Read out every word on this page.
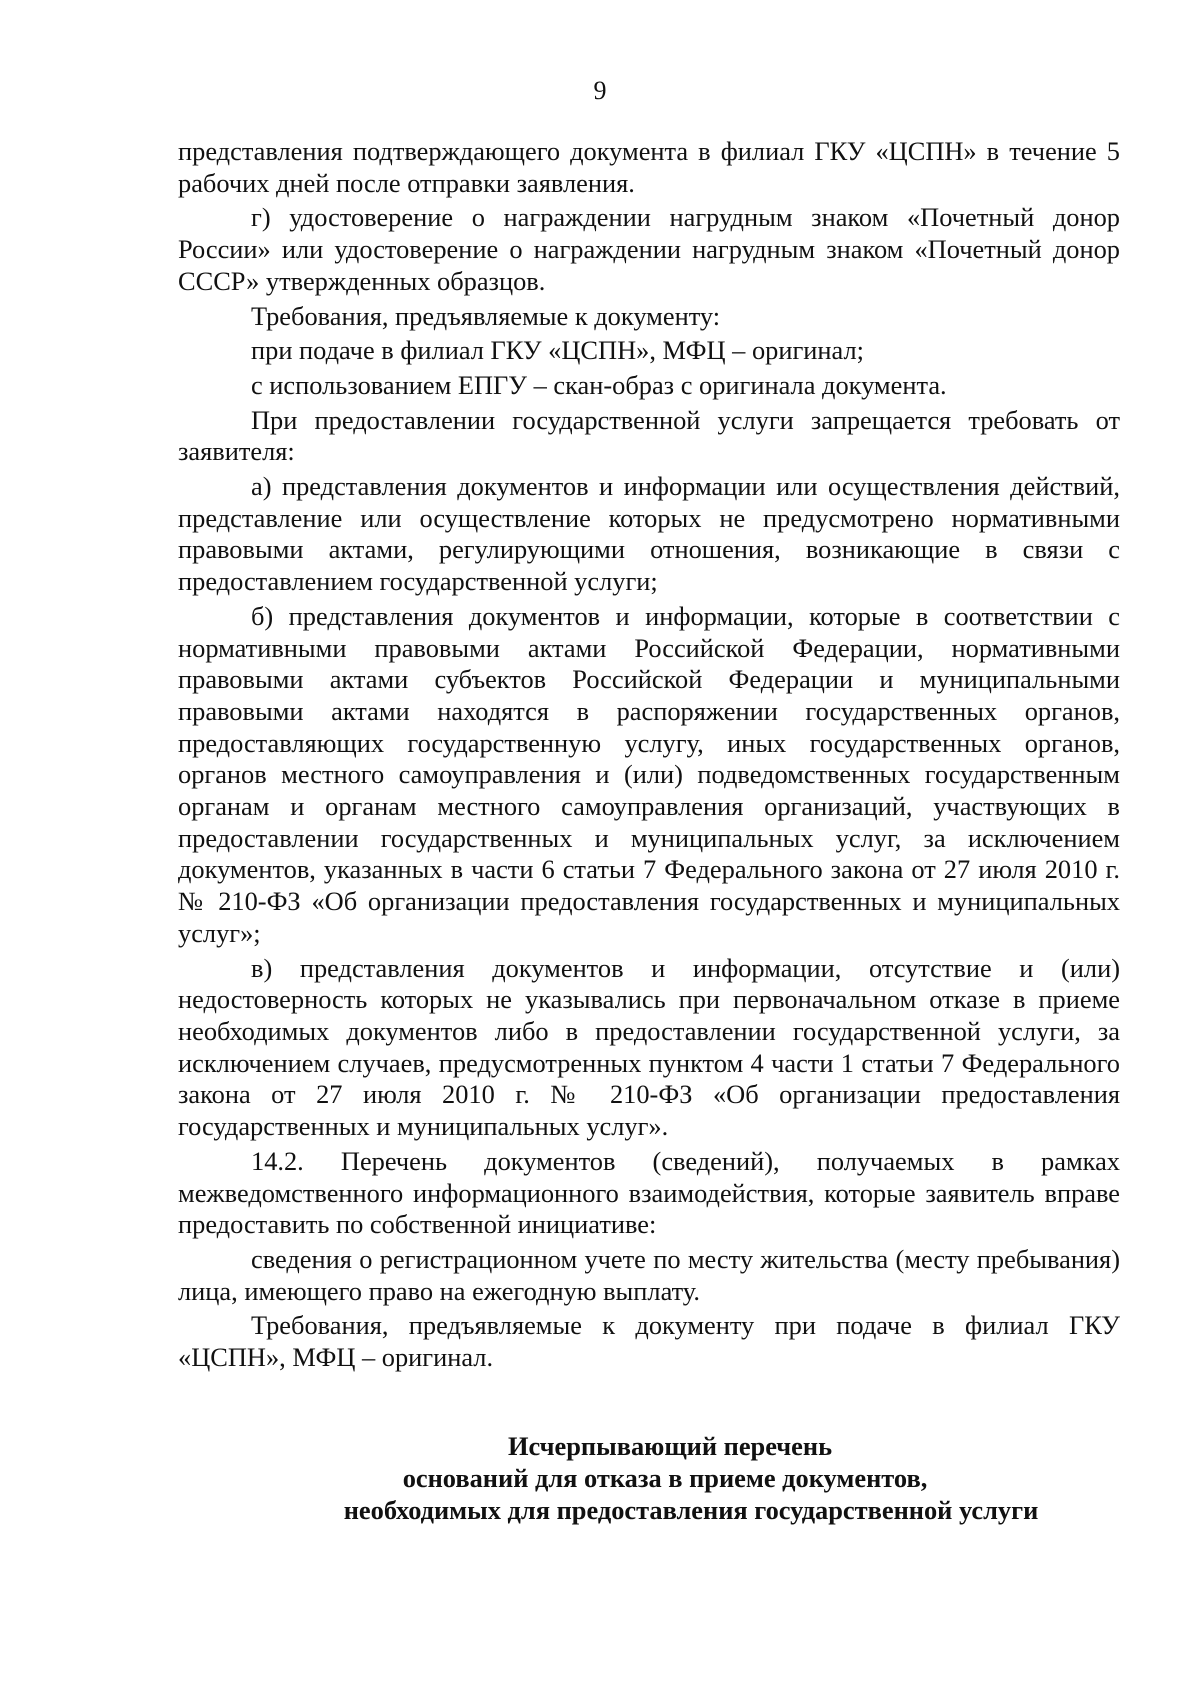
9

представления подтверждающего документа в филиал ГКУ «ЦСПН» в течение 5 рабочих дней после отправки заявления.

г) удостоверение о награждении нагрудным знаком «Почетный донор России» или удостоверение о награждении нагрудным знаком «Почетный донор СССР» утвержденных образцов.

Требования, предъявляемые к документу:

при подаче в филиал ГКУ «ЦСПН», МФЦ – оригинал;

с использованием ЕПГУ – скан-образ с оригинала документа.

При предоставлении государственной услуги запрещается требовать от заявителя:

а) представления документов и информации или осуществления действий, представление или осуществление которых не предусмотрено нормативными правовыми актами, регулирующими отношения, возникающие в связи с предоставлением государственной услуги;

б) представления документов и информации, которые в соответствии с нормативными правовыми актами Российской Федерации, нормативными правовыми актами субъектов Российской Федерации и муниципальными правовыми актами находятся в распоряжении государственных органов, предоставляющих государственную услугу, иных государственных органов, органов местного самоуправления и (или) подведомственных государственным органам и органам местного самоуправления организаций, участвующих в предоставлении государственных и муниципальных услуг, за исключением документов, указанных в части 6 статьи 7 Федерального закона от 27 июля 2010 г. № 210-ФЗ «Об организации предоставления государственных и муниципальных услуг»;

в) представления документов и информации, отсутствие и (или) недостоверность которых не указывались при первоначальном отказе в приеме необходимых документов либо в предоставлении государственной услуги, за исключением случаев, предусмотренных пунктом 4 части 1 статьи 7 Федерального закона от 27 июля 2010 г. № 210-ФЗ «Об организации предоставления государственных и муниципальных услуг».

14.2. Перечень документов (сведений), получаемых в рамках межведомственного информационного взаимодействия, которые заявитель вправе предоставить по собственной инициативе:

сведения о регистрационном учете по месту жительства (месту пребывания) лица, имеющего право на ежегодную выплату.

Требования, предъявляемые к документу при подаче в филиал ГКУ «ЦСПН», МФЦ – оригинал.

Исчерпывающий перечень
оснований для отказа в приеме документов,
необходимых для предоставления государственной услуги
